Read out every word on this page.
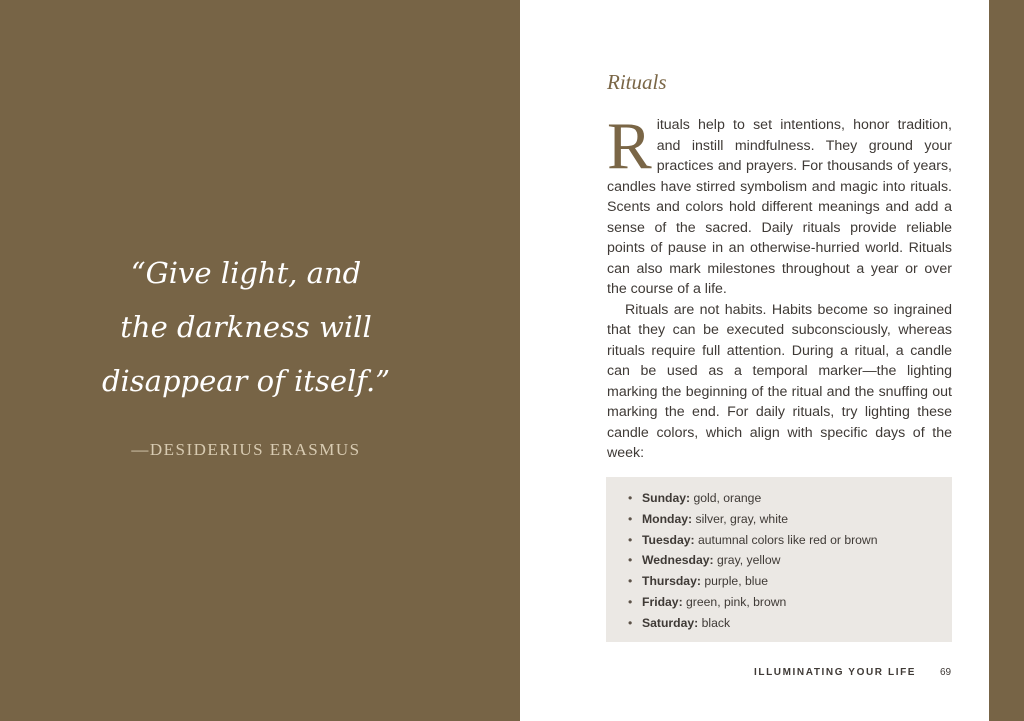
“Give light, and
the darkness will
disappear of itself.”
—DESIDERIUS ERASMUS
Rituals

Rituals help to set intentions, honor tradition, and instill mindfulness. They ground your practices and prayers. For thousands of years, candles have stirred symbolism and magic into rituals. Scents and colors hold different meanings and add a sense of the sacred. Daily rituals provide reliable points of pause in an otherwise-hurried world. Rituals can also mark milestones throughout a year or over the course of a life.

Rituals are not habits. Habits become so ingrained that they can be executed subconsciously, whereas rituals require full attention. During a ritual, a candle can be used as a temporal marker—the lighting marking the beginning of the ritual and the snuffing out marking the end. For daily rituals, try lighting these candle colors, which align with specific days of the week:

• Sunday: gold, orange
• Monday: silver, gray, white
• Tuesday: autumnal colors like red or brown
• Wednesday: gray, yellow
• Thursday: purple, blue
• Friday: green, pink, brown
• Saturday: black
ILLUMINATING YOUR LIFE 69
